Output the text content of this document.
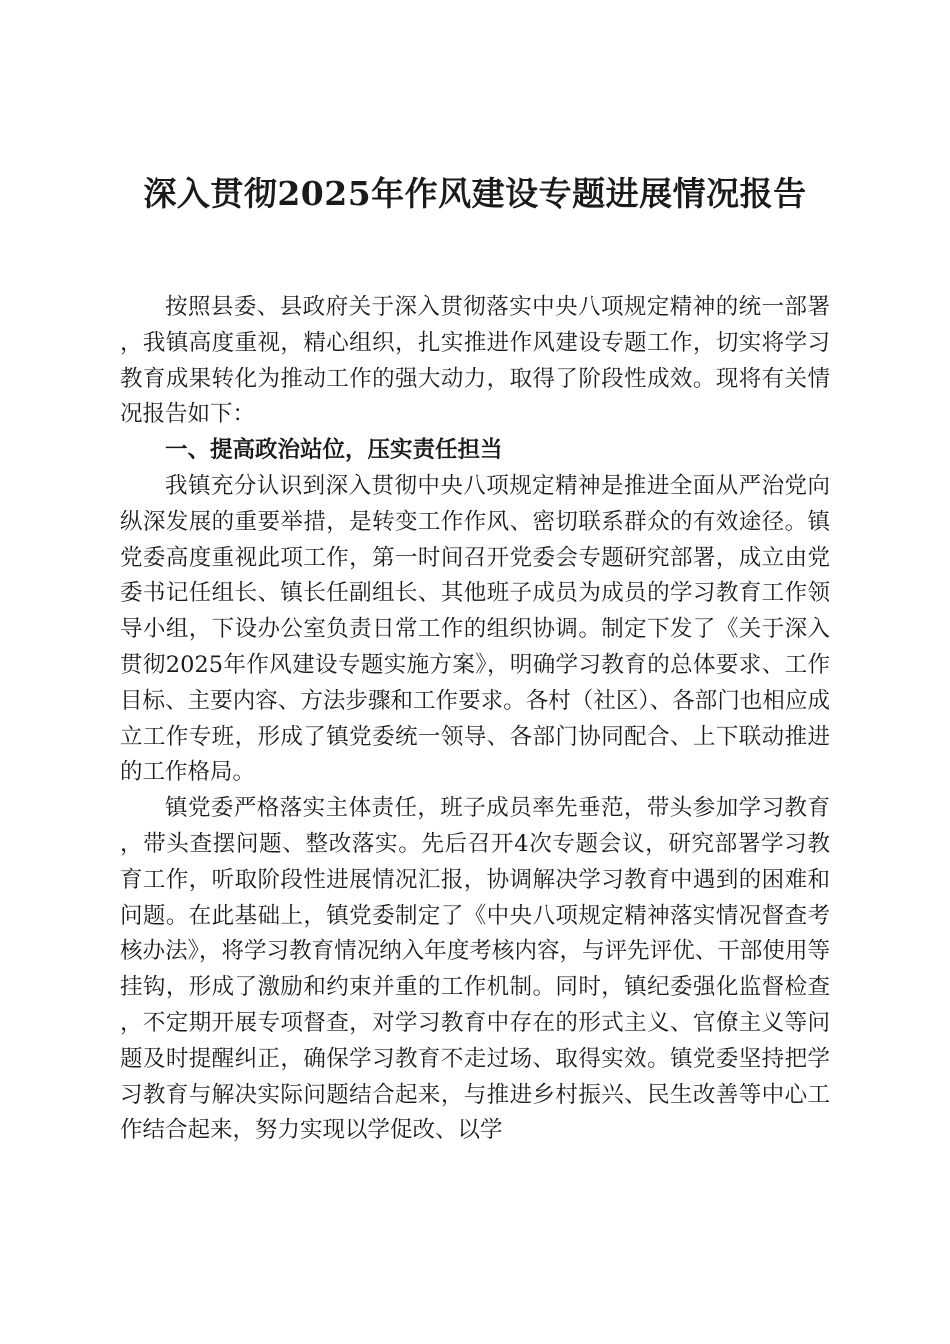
深入贯彻2025年作风建设专题进展情况报告

按照县委、县政府关于深入贯彻落实中央八项规定精神的统一部署，我镇高度重视，精心组织，扎实推进作风建设专题工作，切实将学习教育成果转化为推动工作的强大动力，取得了阶段性成效。现将有关情况报告如下：

一、提高政治站位，压实责任担当

我镇充分认识到深入贯彻中央八项规定精神是推进全面从严治党向纵深发展的重要举措，是转变工作作风、密切联系群众的有效途径。镇党委高度重视此项工作，第一时间召开党委会专题研究部署，成立由党委书记任组长、镇长任副组长、其他班子成员为成员的学习教育工作领导小组，下设办公室负责日常工作的组织协调。制定下发了《关于深入贯彻2025年作风建设专题实施方案》，明确学习教育的总体要求、工作目标、主要内容、方法步骤和工作要求。各村（社区）、各部门也相应成立工作专班，形成了镇党委统一领导、各部门协同配合、上下联动推进的工作格局。

镇党委严格落实主体责任，班子成员率先垂范，带头参加学习教育，带头查摆问题、整改落实。先后召开4次专题会议，研究部署学习教育工作，听取阶段性进展情况汇报，协调解决学习教育中遇到的困难和问题。在此基础上，镇党委制定了《中央八项规定精神落实情况督查考核办法》，将学习教育情况纳入年度考核内容，与评先评优、干部使用等挂钩，形成了激励和约束并重的工作机制。同时，镇纪委强化监督检查，不定期开展专项督查，对学习教育中存在的形式主义、官僚主义等问题及时提醒纠正，确保学习教育不走过场、取得实效。镇党委坚持把学习教育与解决实际问题结合起来，与推进乡村振兴、民生改善等中心工作结合起来，努力实现以学促改、以学
